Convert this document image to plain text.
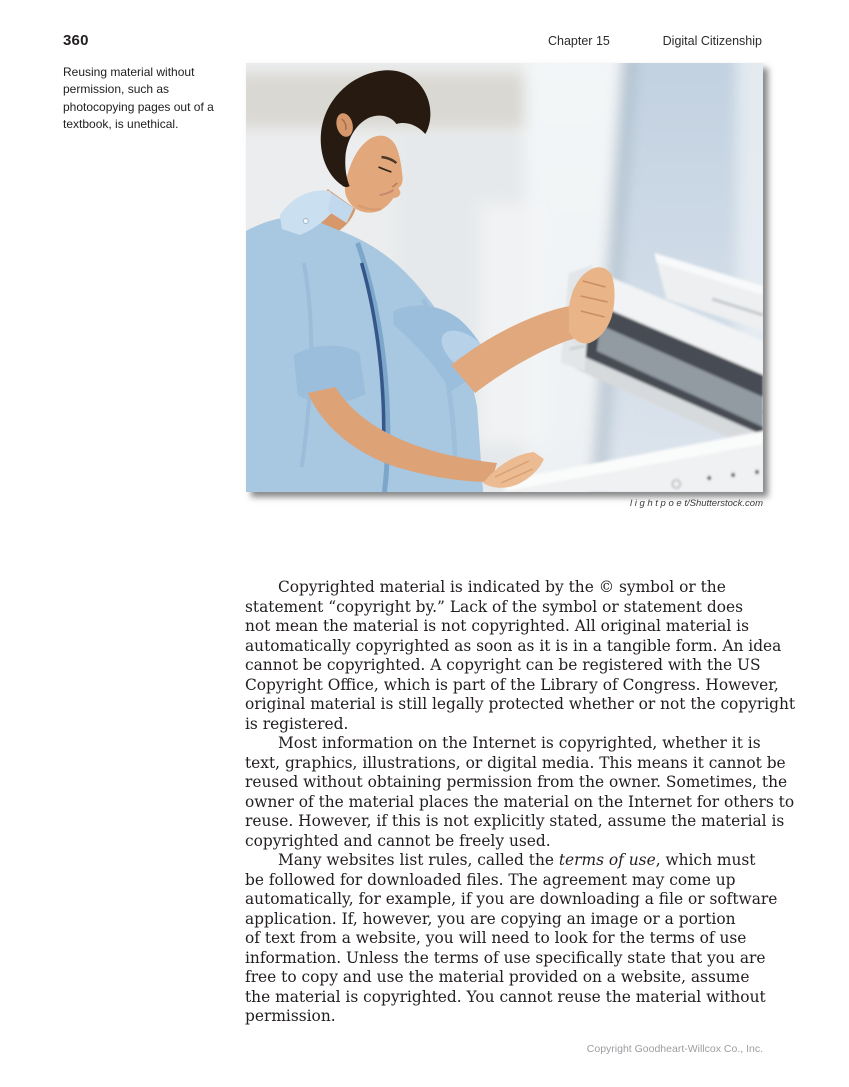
360	Chapter 15	Digital Citizenship
Reusing material without
permission, such as
photocopying pages out of a
textbook, is unethical.
l i g h t p o e t/Shutterstock.com
Copyrighted material is indicated by the © symbol or the
statement “copyright by.” Lack of the symbol or statement does
not mean the material is not copyrighted. All original material is
automatically copyrighted as soon as it is in a tangible form. An idea
cannot be copyrighted. A copyright can be registered with the US
Copyright Office, which is part of the Library of Congress. However,
original material is still legally protected whether or not the copyright
is registered.
Most information on the Internet is copyrighted, whether it is
text, graphics, illustrations, or digital media. This means it cannot be
reused without obtaining permission from the owner. Sometimes, the
owner of the material places the material on the Internet for others to
reuse. However, if this is not explicitly stated, assume the material is
copyrighted and cannot be freely used.
Many websites list rules, called the terms of use, which must
be followed for downloaded files. The agreement may come up
automatically, for example, if you are downloading a file or software
application. If, however, you are copying an image or a portion
of text from a website, you will need to look for the terms of use
information. Unless the terms of use specifically state that you are
free to copy and use the material provided on a website, assume
the material is copyrighted. You cannot reuse the material without
permission.
Copyright Goodheart-Willcox Co., Inc.
